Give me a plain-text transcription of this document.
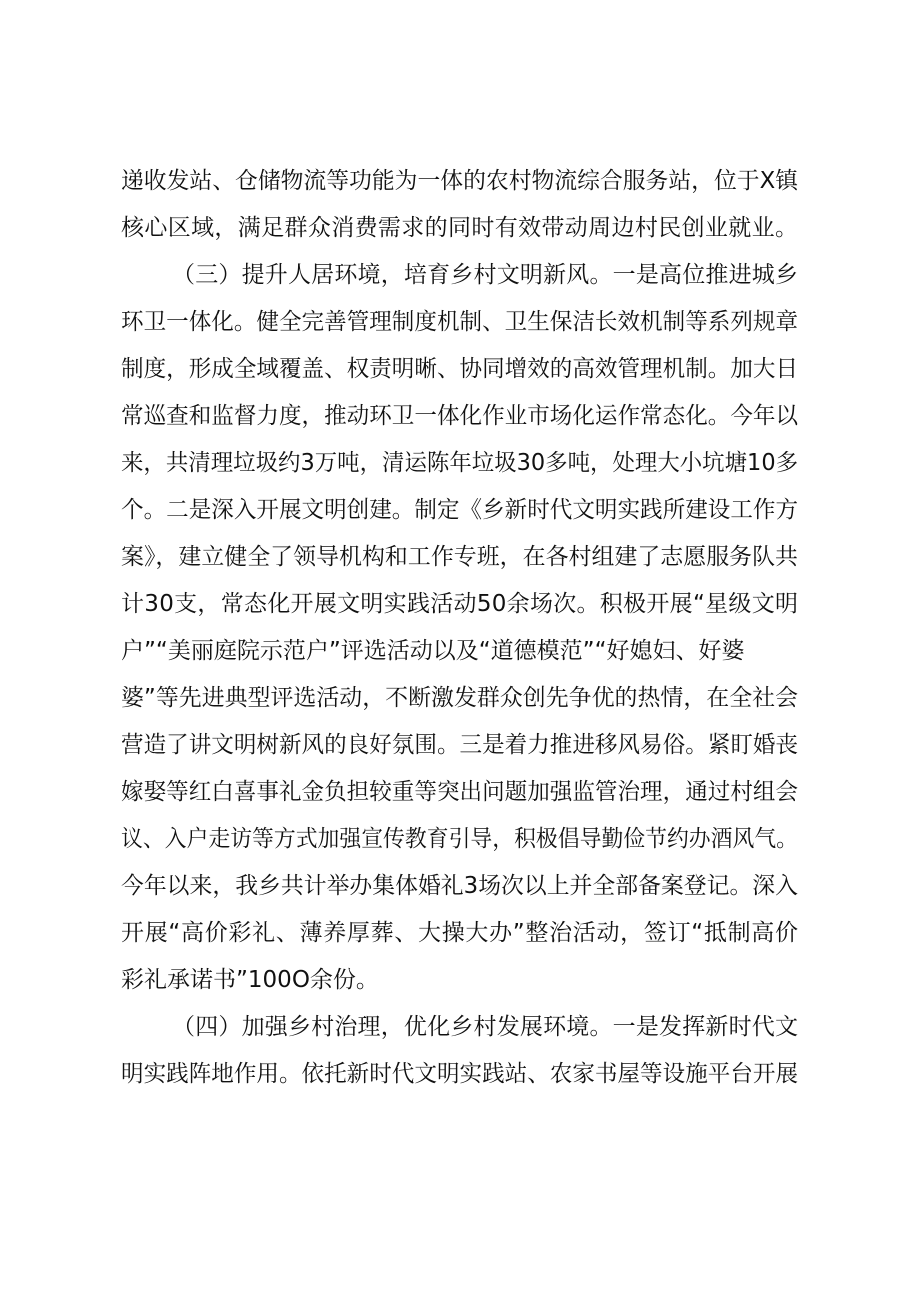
递收发站、仓储物流等功能为一体的农村物流综合服务站，位于X镇
核心区域，满足群众消费需求的同时有效带动周边村民创业就业。
（三）提升人居环境，培育乡村文明新风。一是高位推进城乡
环卫一体化。健全完善管理制度机制、卫生保洁长效机制等系列规章
制度，形成全域覆盖、权责明晰、协同增效的高效管理机制。加大日
常巡查和监督力度，推动环卫一体化作业市场化运作常态化。今年以
来，共清理垃圾约3万吨，清运陈年垃圾30多吨，处理大小坑塘10多
个。二是深入开展文明创建。制定《乡新时代文明实践所建设工作方
案》，建立健全了领导机构和工作专班，在各村组建了志愿服务队共
计30支，常态化开展文明实践活动50余场次。积极开展“星级文明
户”“美丽庭院示范户”评选活动以及“道德模范”“好媳妇、好婆
婆”等先进典型评选活动，不断激发群众创先争优的热情，在全社会
营造了讲文明树新风的良好氛围。三是着力推进移风易俗。紧盯婚丧
嫁娶等红白喜事礼金负担较重等突出问题加强监管治理，通过村组会
议、入户走访等方式加强宣传教育引导，积极倡导勤俭节约办酒风气。
今年以来，我乡共计举办集体婚礼3场次以上并全部备案登记。深入
开展“高价彩礼、薄养厚葬、大操大办”整治活动，签订“抵制高价
彩礼承诺书”100O余份。
（四）加强乡村治理，优化乡村发展环境。一是发挥新时代文
明实践阵地作用。依托新时代文明实践站、农家书屋等设施平台开展
